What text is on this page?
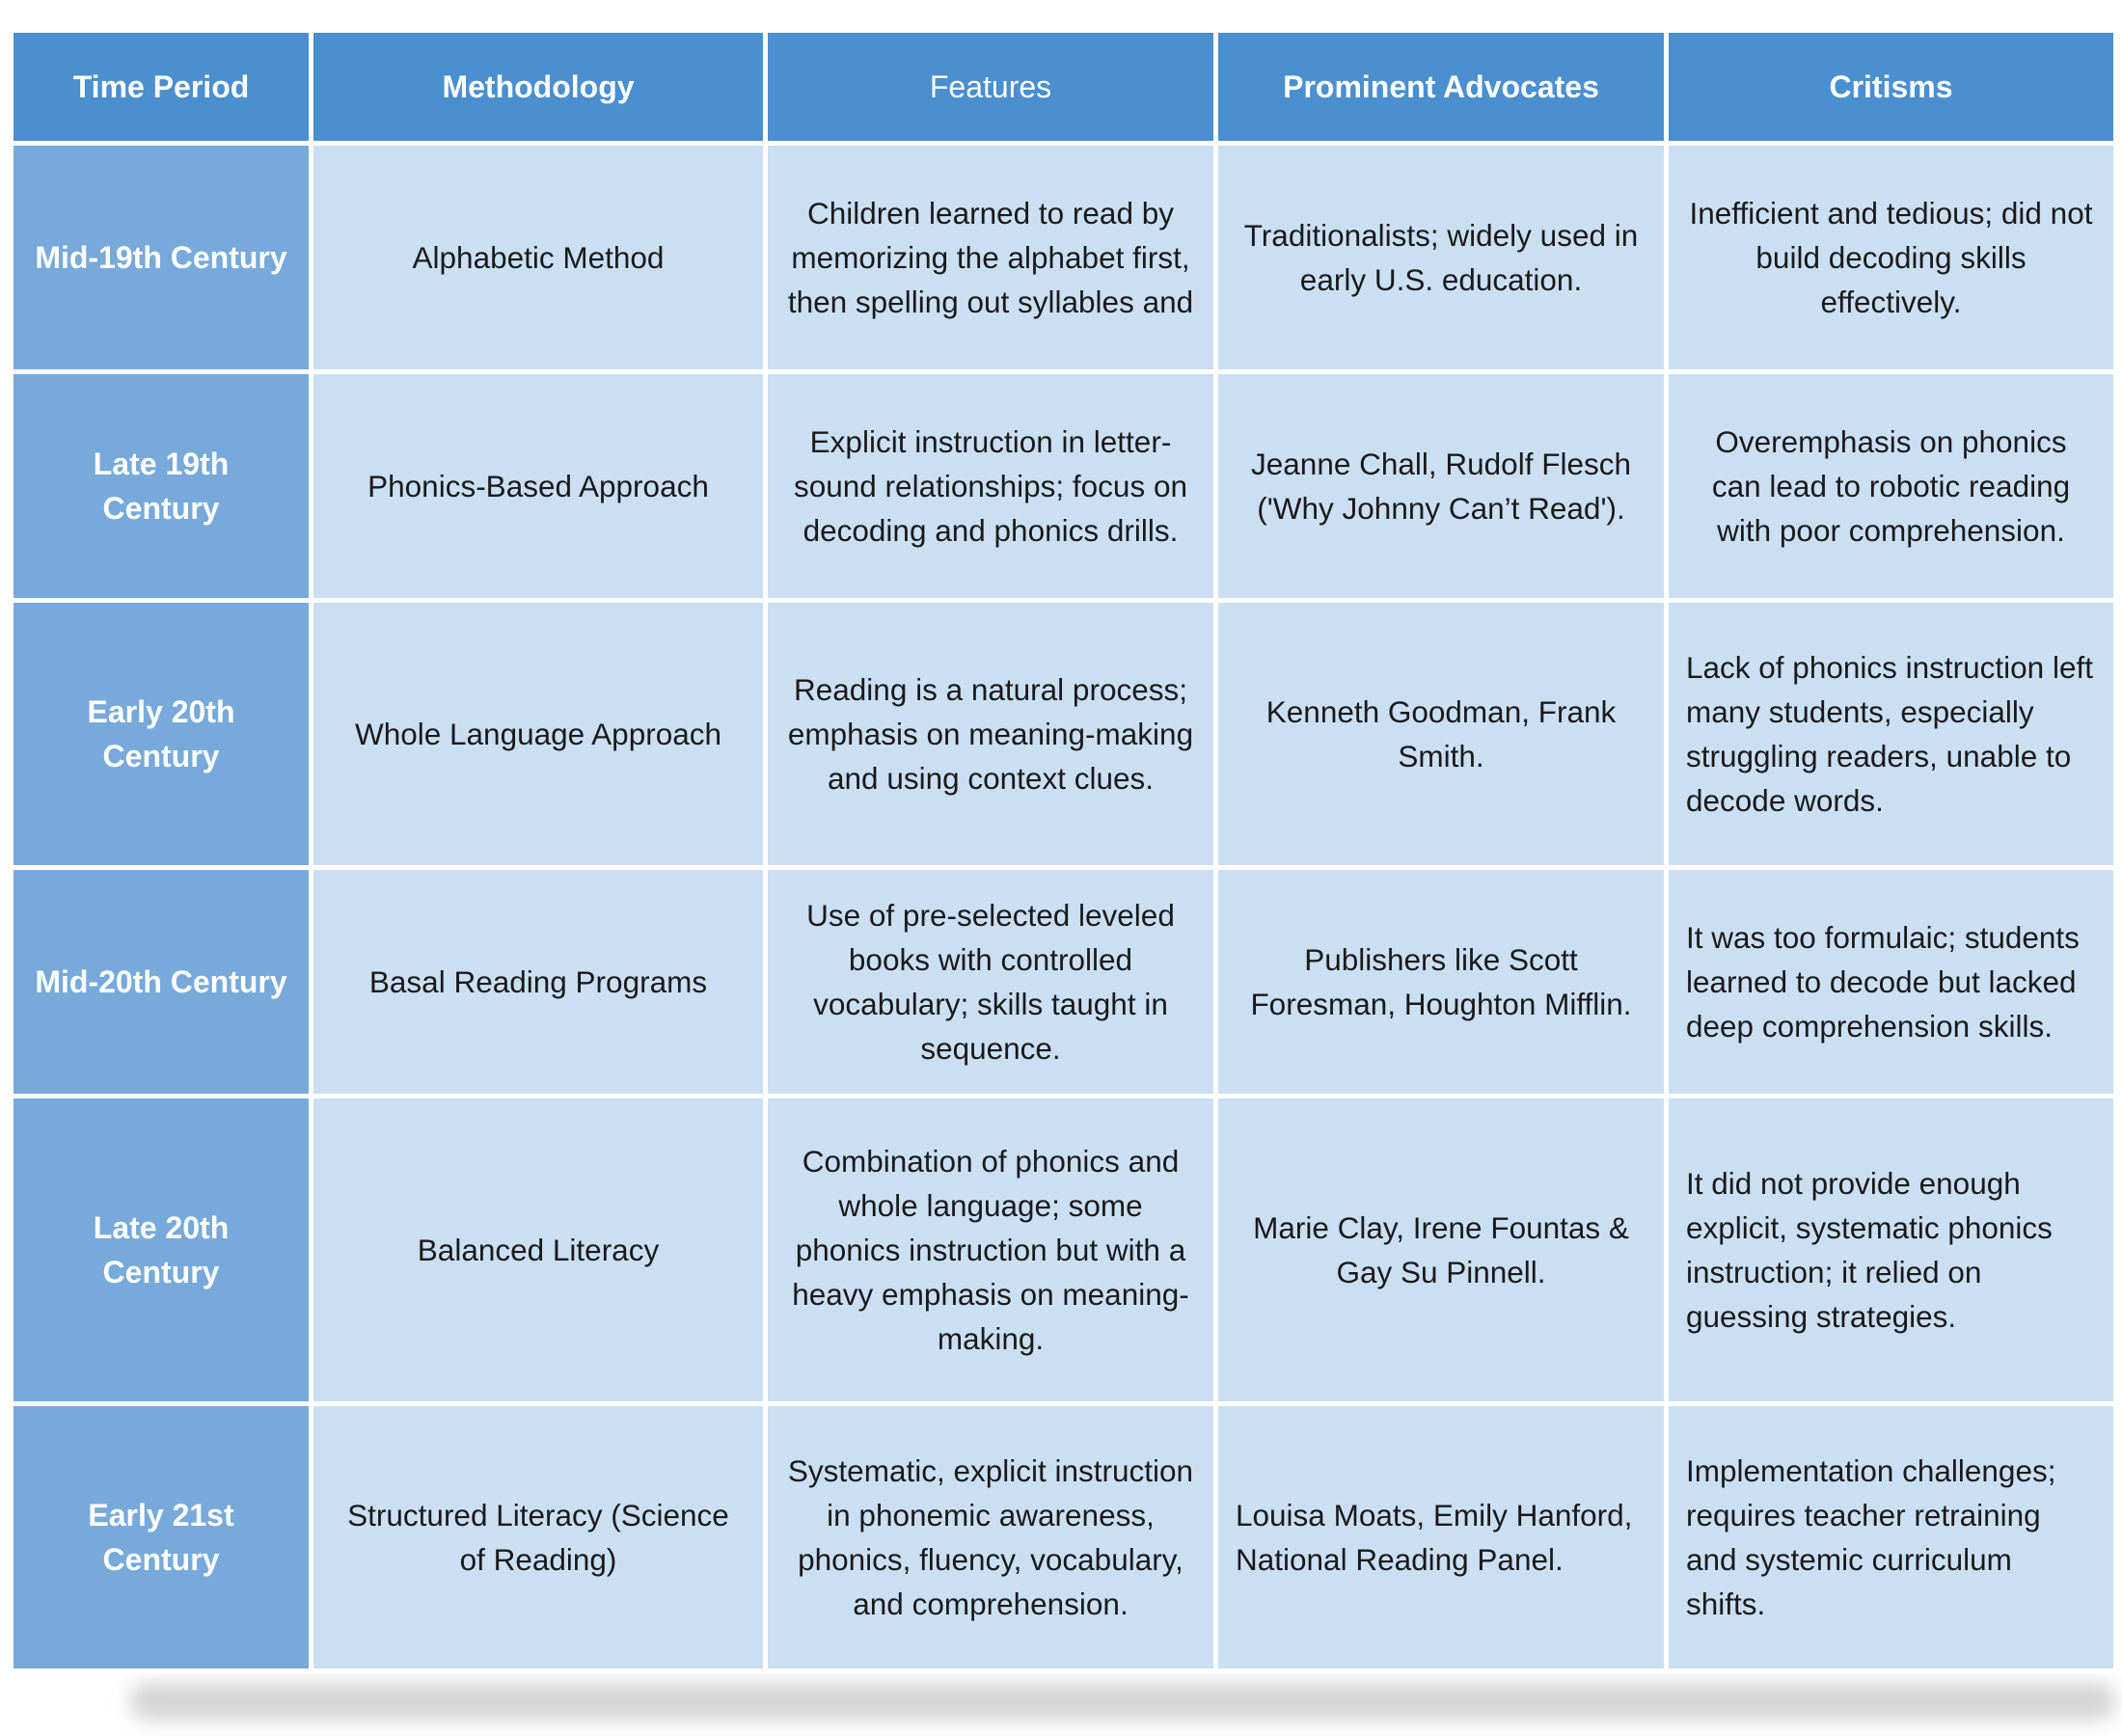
Time Period	Methodology	Features	Prominent Advocates	Critisms
Mid-19th Century	Alphabetic Method	Children learned to read by memorizing the alphabet first, then spelling out syllables and	Traditionalists; widely used in early U.S. education.	Inefficient and tedious; did not build decoding skills effectively.
Late 19th Century	Phonics-Based Approach	Explicit instruction in letter-sound relationships; focus on decoding and phonics drills.	Jeanne Chall, Rudolf Flesch ('Why Johnny Can’t Read').	Overemphasis on phonics can lead to robotic reading with poor comprehension.
Early 20th Century	Whole Language Approach	Reading is a natural process; emphasis on meaning-making and using context clues.	Kenneth Goodman, Frank Smith.	Lack of phonics instruction left many students, especially struggling readers, unable to decode words.
Mid-20th Century	Basal Reading Programs	Use of pre-selected leveled books with controlled vocabulary; skills taught in sequence.	Publishers like Scott Foresman, Houghton Mifflin.	It was too formulaic; students learned to decode but lacked deep comprehension skills.
Late 20th Century	Balanced Literacy	Combination of phonics and whole language; some phonics instruction but with a heavy emphasis on meaning-making.	Marie Clay, Irene Fountas & Gay Su Pinnell.	It did not provide enough explicit, systematic phonics instruction; it relied on guessing strategies.
Early 21st Century	Structured Literacy (Science of Reading)	Systematic, explicit instruction in phonemic awareness, phonics, fluency, vocabulary, and comprehension.	Louisa Moats, Emily Hanford, National Reading Panel.	Implementation challenges; requires teacher retraining and systemic curriculum shifts.
